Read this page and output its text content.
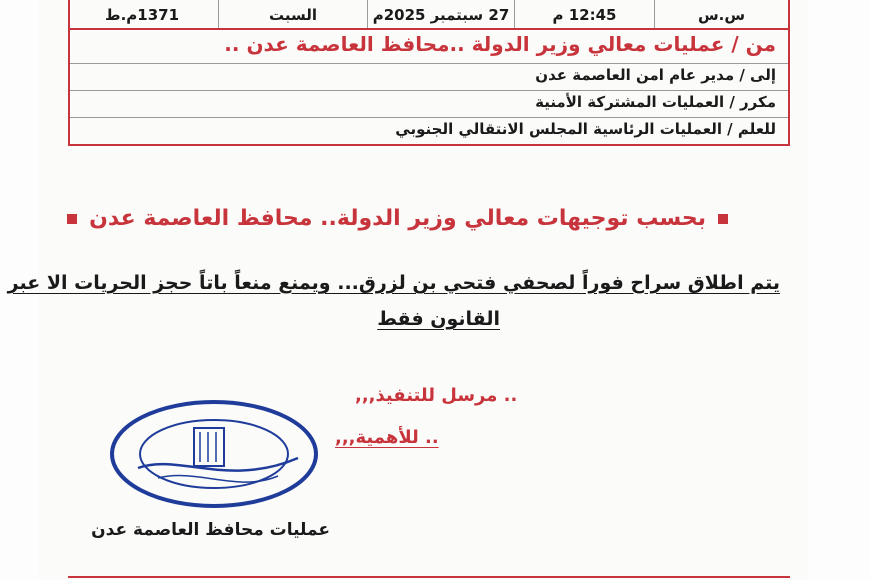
س.س
12:45 م
27 سبتمبر 2025م
السبت
1371م.ط
من / عمليات معالي وزير الدولة ..محافظ العاصمة عدن ..
إلى / مدير عام امن العاصمة عدن
مكرر / العمليات المشتركة الأمنية
للعلم / العمليات الرئاسية المجلس الانتقالي الجنوبي
بحسب توجيهات معالي وزير الدولة.. محافظ العاصمة عدن
يتم اطلاق سراح فوراً لصحفي فتحي بن لزرق... ويمنع منعاً باتاً حجز الحريات الا عبر
القانون فقط
.. مرسل للتنفيذ,,,
.. للأهمية,,,
عمليات محافظ العاصمة عدن
